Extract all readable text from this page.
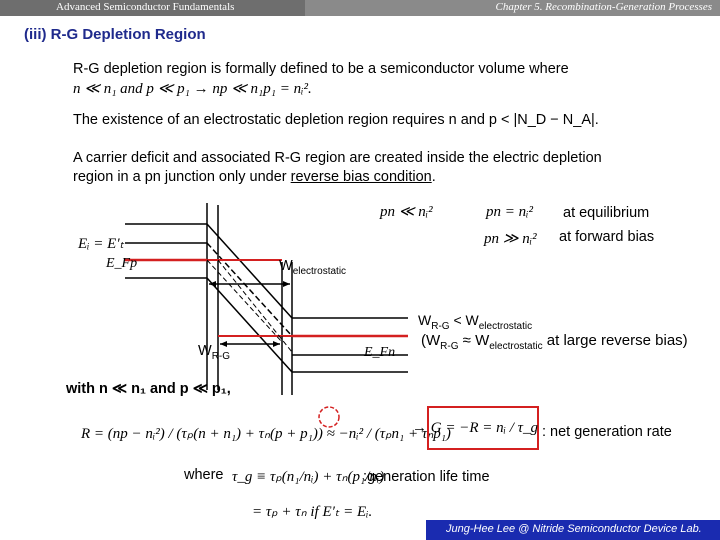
Advanced Semiconductor Fundamentals	Chapter 5. Recombination-Generation Processes
(iii) R-G Depletion Region
R-G depletion region is formally defined to be a semiconductor volume where
n ≪ n₁ and p ≪ p₁ → np ≪ n₁p₁ = nᵢ².
The existence of an electrostatic depletion region requires n and p < |N_D − N_A|.
A carrier deficit and associated R-G region are created inside the electric depletion
region in a pn junction only under reverse bias condition.
Eᵢ = E′ₜ
E_Fp
E_Fn
pn ≪ nᵢ²	pn = nᵢ² at equilibrium
pn ≫ nᵢ² at forward bias
$W_{electrostatic}$
$W_{R-G} < W_{electrostatic}$
($W_{R-G} \approx W_{electrostatic}$ at large reverse bias)
$W_{R-G}$
with n ≪ n₁ and p ≪ p₁,
R = (np − nᵢ²) / (τₚ(n + n₁) + τₙ(p + p₁)) ≈ −nᵢ² / (τₚn₁ + τₙp₁)
→ G = −R = nᵢ / τ_g : net generation rate
where τ_g ≡ τₚ(n₁/nᵢ) + τₙ(p₁/nᵢ)
:generation life time
= τₚ + τₙ if E′ₜ = Eᵢ.
Jung-Hee Lee @ Nitride Semiconductor Device Lab.
